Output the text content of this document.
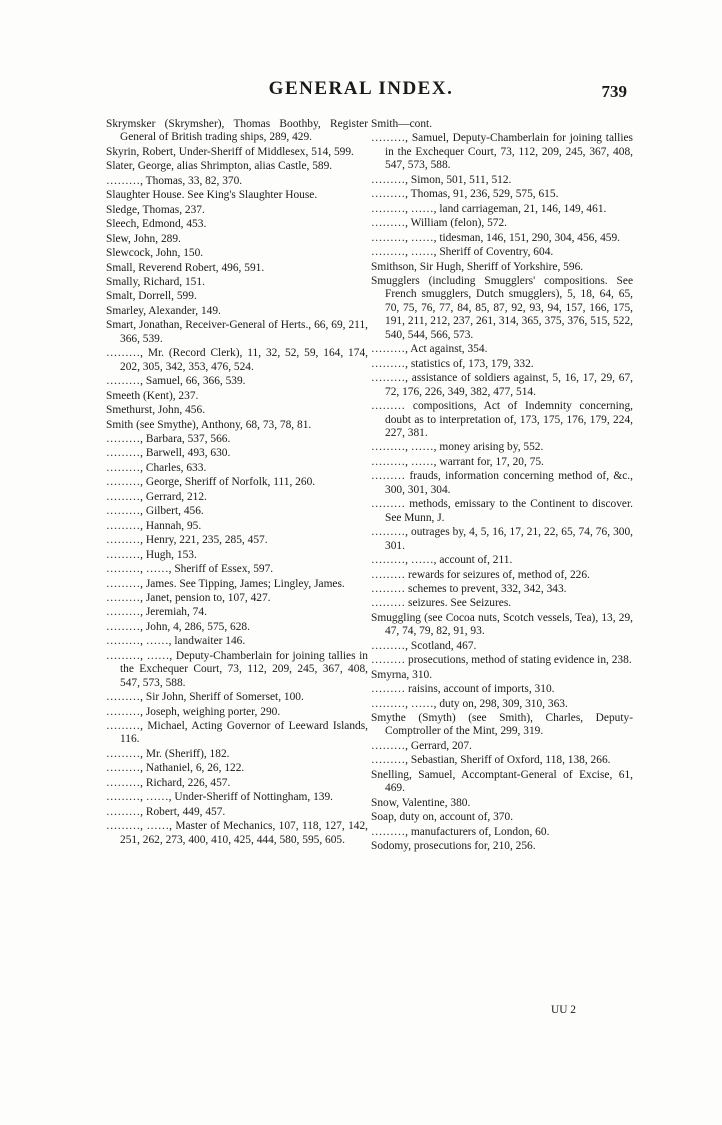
GENERAL INDEX.	739

Skrymsker (Skrymsher), Thomas Boothby, Register General of British trading ships, 289, 429.

Skyrin, Robert, Under-Sheriff of Middlesex, 514, 599.

Slater, George, alias Shrimpton, alias Castle, 589.

………, Thomas, 33, 82, 370.

Slaughter House. See King's Slaughter House.

Sledge, Thomas, 237.

Sleech, Edmond, 453.

Slew, John, 289.

Slewcock, John, 150.

Small, Reverend Robert, 496, 591.

Smally, Richard, 151.

Smalt, Dorrell, 599.

Smarley, Alexander, 149.

Smart, Jonathan, Receiver-General of Herts., 66, 69, 211, 366, 539.

………, Mr. (Record Clerk), 11, 32, 52, 59, 164, 174, 202, 305, 342, 353, 476, 524.

………, Samuel, 66, 366, 539.

Smeeth (Kent), 237.

Smethurst, John, 456.

Smith (see Smythe), Anthony, 68, 73, 78, 81.

………, Barbara, 537, 566.

………, Barwell, 493, 630.

………, Charles, 633.

………, George, Sheriff of Norfolk, 111, 260.

………, Gerrard, 212.

………, Gilbert, 456.

………, Hannah, 95.

………, Henry, 221, 235, 285, 457.

………, Hugh, 153.

………, ……, Sheriff of Essex, 597.

………, James. See Tipping, James; Lingley, James.

………, Janet, pension to, 107, 427.

………, Jeremiah, 74.

………, John, 4, 286, 575, 628.

………, ……, landwaiter 146.

………, ……, Deputy-Chamberlain for joining tallies in the Exchequer Court, 73, 112, 209, 245, 367, 408, 547, 573, 588.

………, Sir John, Sheriff of Somerset, 100.

………, Joseph, weighing porter, 290.

………, Michael, Acting Governor of Leeward Islands, 116.

………, Mr. (Sheriff), 182.

………, Nathaniel, 6, 26, 122.

………, Richard, 226, 457.

………, ……, Under-Sheriff of Nottingham, 139.

………, Robert, 449, 457.

………, ……, Master of Mechanics, 107, 118, 127, 142, 251, 262, 273, 400, 410, 425, 444, 580, 595, 605.

Smith—cont.

………, Samuel, Deputy-Chamberlain for joining tallies in the Exchequer Court, 73, 112, 209, 245, 367, 408, 547, 573, 588.

………, Simon, 501, 511, 512.

………, Thomas, 91, 236, 529, 575, 615.

………, ……, land carriageman, 21, 146, 149, 461.

………, William (felon), 572.

………, ……, tidesman, 146, 151, 290, 304, 456, 459.

………, ……, Sheriff of Coventry, 604.

Smithson, Sir Hugh, Sheriff of Yorkshire, 596.

Smugglers (including Smugglers' compositions. See French smugglers, Dutch smugglers), 5, 18, 64, 65, 70, 75, 76, 77, 84, 85, 87, 92, 93, 94, 157, 166, 175, 191, 211, 212, 237, 261, 314, 365, 375, 376, 515, 522, 540, 544, 566, 573.

………, Act against, 354.

………, statistics of, 173, 179, 332.

………, assistance of soldiers against, 5, 16, 17, 29, 67, 72, 176, 226, 349, 382, 477, 514.

……… compositions, Act of Indemnity concerning, doubt as to interpretation of, 173, 175, 176, 179, 224, 227, 381.

………, ……, money arising by, 552.

………, ……, warrant for, 17, 20, 75.

……… frauds, information concerning method of, &c., 300, 301, 304.

……… methods, emissary to the Continent to discover. See Munn, J.

………, outrages by, 4, 5, 16, 17, 21, 22, 65, 74, 76, 300, 301.

………, ……, account of, 211.

……… rewards for seizures of, method of, 226.

……… schemes to prevent, 332, 342, 343.

……… seizures. See Seizures.

Smuggling (see Cocoa nuts, Scotch vessels, Tea), 13, 29, 47, 74, 79, 82, 91, 93.

………, Scotland, 467.

……… prosecutions, method of stating evidence in, 238.

Smyrna, 310.

……… raisins, account of imports, 310.

………, ……, duty on, 298, 309, 310, 363.

Smythe (Smyth) (see Smith), Charles, Deputy-Comptroller of the Mint, 299, 319.

………, Gerrard, 207.

………, Sebastian, Sheriff of Oxford, 118, 138, 266.

Snelling, Samuel, Accomptant-General of Excise, 61, 469.

Snow, Valentine, 380.

Soap, duty on, account of, 370.

………, manufacturers of, London, 60.

Sodomy, prosecutions for, 210, 256.

UU 2
